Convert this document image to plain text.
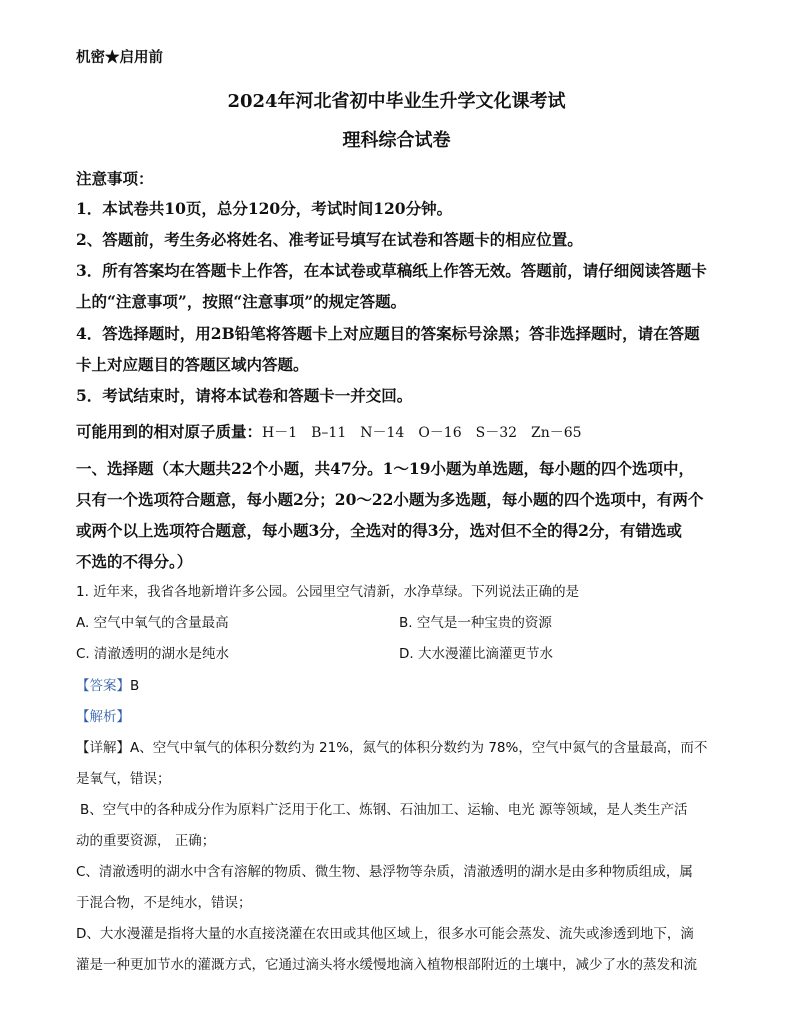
机密★启用前
2024年河北省初中毕业生升学文化课考试
理科综合试卷
注意事项：
1．本试卷共10页，总分120分，考试时间120分钟。
2、答题前，考生务必将姓名、准考证号填写在试卷和答题卡的相应位置。
3．所有答案均在答题卡上作答，在本试卷或草稿纸上作答无效。答题前，请仔细阅读答题卡
上的“注意事项”，按照“注意事项”的规定答题。
4．答选择题时，用2B铅笔将答题卡上对应题目的答案标号涂黑；答非选择题时，请在答题
卡上对应题目的答题区域内答题。
5．考试结束时，请将本试卷和答题卡一并交回。
可能用到的相对原子质量：H－1 B–11 N－14 O－16 S－32 Zn－65
一、选择题（本大题共22个小题，共47分。1～19小题为单选题，每小题的四个选项中，
只有一个选项符合题意，每小题2分；20～22小题为多选题，每小题的四个选项中，有两个
或两个以上选项符合题意，每小题3分，全选对的得3分，选对但不全的得2分，有错选或
不选的不得分。）
1. 近年来，我省各地新增许多公园。公园里空气清新，水净草绿。下列说法正确的是
A. 空气中氧气的含量最高	B. 空气是一种宝贵的资源
C. 清澈透明的湖水是纯水	D. 大水漫灌比滴灌更节水
【答案】B
【解析】
【详解】A、空气中氧气的体积分数约为 21%，氮气的体积分数约为 78%，空气中氮气的含量最高，而不
是氧气，错误；
B、空气中的各种成分作为原料广泛用于化工、炼钢、石油加工、运输、电光 源等领域，是人类生产活
动的重要资源， 正确；
C、清澈透明的湖水中含有溶解的物质、微生物、悬浮物等杂质，清澈透明的湖水是由多种物质组成，属
于混合物，不是纯水，错误；
D、大水漫灌是指将大量的水直接浇灌在农田或其他区域上，很多水可能会蒸发、流失或渗透到地下，滴
灌是一种更加节水的灌溉方式，它通过滴头将水缓慢地滴入植物根部附近的土壤中，减少了水的蒸发和流
